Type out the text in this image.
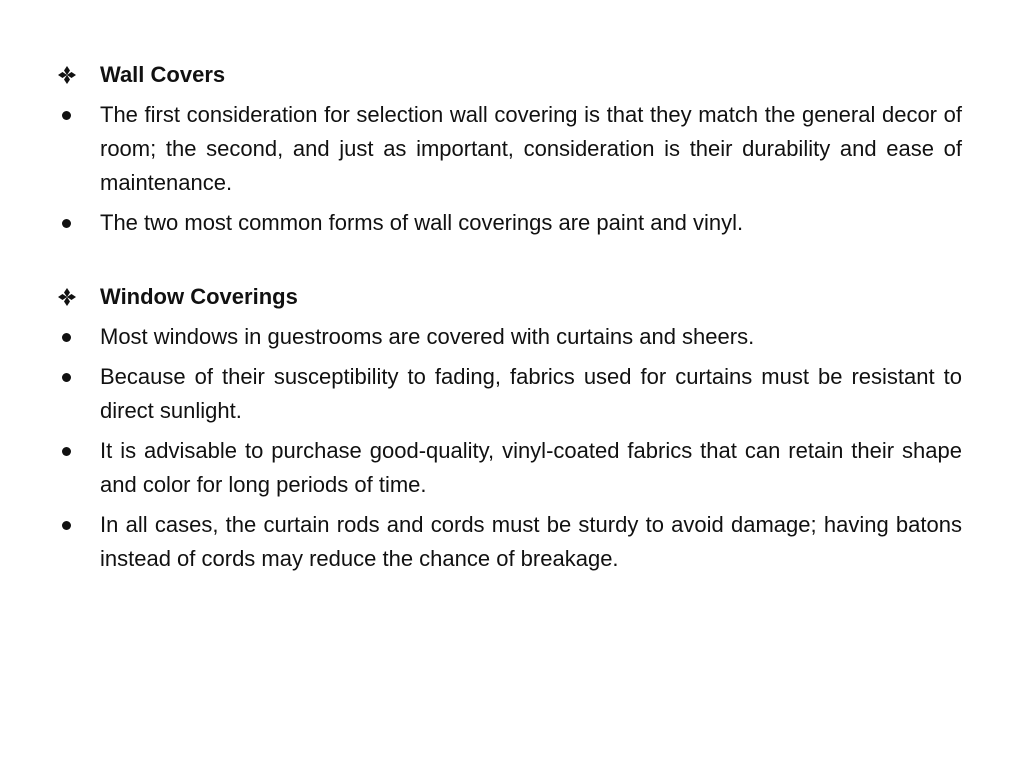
Wall Covers
The first consideration for selection wall covering is that they match the general decor of room; the second, and just as important, consideration is their durability and ease of maintenance.
The two most common forms of wall coverings are paint and vinyl.
Window Coverings
Most windows in guestrooms are covered with curtains and sheers.
Because of their susceptibility to fading, fabrics used for curtains must be resistant to direct sunlight.
It is advisable to purchase good-quality, vinyl-coated fabrics that can retain their shape and color for long periods of time.
In all cases, the curtain rods and cords must be sturdy to avoid damage; having batons instead of cords may reduce the chance of breakage.
